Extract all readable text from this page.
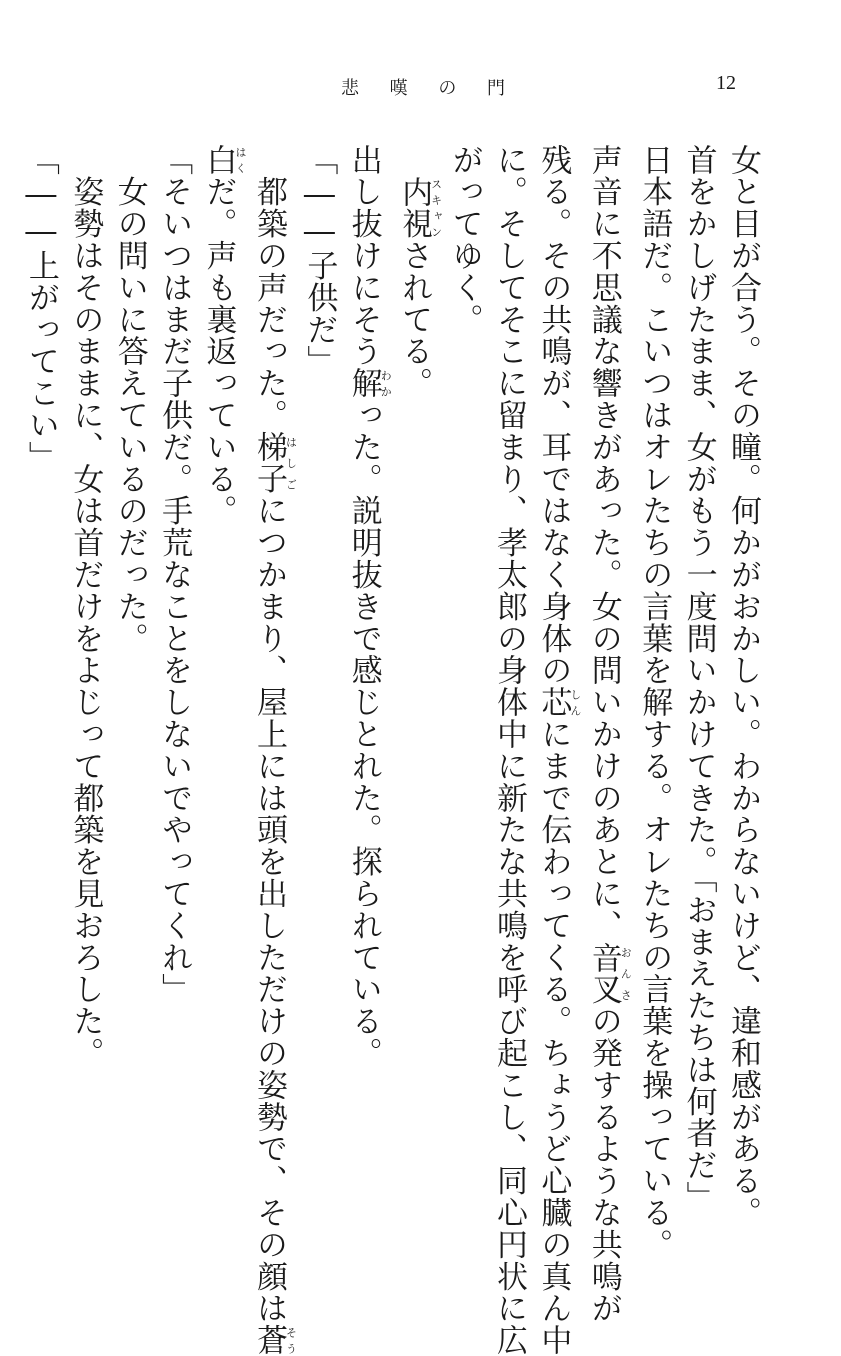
悲 嘆 の 門	12
女と目が合う。その瞳。何かがおかしい。わからないけど、違和感がある。
首をかしげたまま、女がもう一度問いかけてきた。「おまえたちは何者だ」
日本語だ。こいつはオレたちの言葉を解する。オレたちの言葉を操っている。
声音に不思議な響きがあった。女の問いかけのあとに、音叉おんさの発するような共鳴が
残る。その共鳴が、耳ではなく身体の芯しんにまで伝わってくる。ちょうど心臓の真ん中
に。そしてそこに留まり、孝太郎の身体中に新たな共鳴を呼び起こし、同心円状に広
がってゆく。
　内視スキャンされてる。
出し抜けにそう解わかった。説明抜きで感じとれた。探られている。
「――子供だ」
　都築の声だった。梯子はしごにつかまり、屋上には頭を出しただけの姿勢で、その顔は蒼そう
白はくだ。声も裏返っている。
「そいつはまだ子供だ。手荒なことをしないでやってくれ」
　女の問いに答えているのだった。
　姿勢はそのままに、女は首だけをよじって都築を見おろした。
「――上がってこい」
